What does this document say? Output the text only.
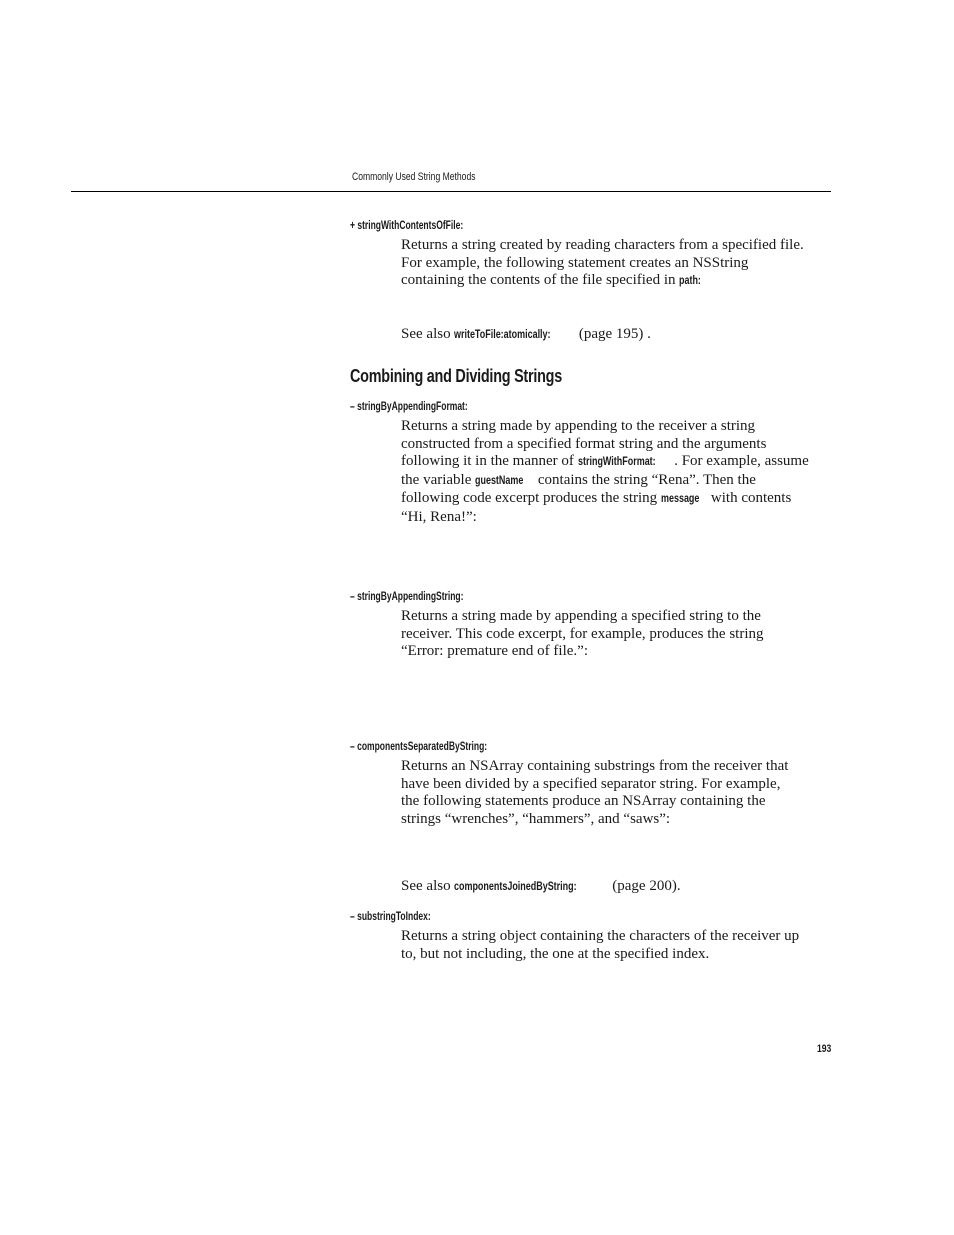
Commonly Used String Methods
+ stringWithContentsOfFile:
Returns a string created by reading characters from a specified file.
For example, the following statement creates an NSString
containing the contents of the file specified in path:
See also writeToFile:atomically: (page 195) .
Combining and Dividing Strings
– stringByAppendingFormat:
Returns a string made by appending to the receiver a string
constructed from a specified format string and the arguments
following it in the manner of stringWithFormat: . For example, assume
the variable guestName contains the string “Rena”. Then the
following code excerpt produces the string message with contents
“Hi, Rena!”:
– stringByAppendingString:
Returns a string made by appending a specified string to the
receiver. This code excerpt, for example, produces the string
“Error: premature end of file.”:
– componentsSeparatedByString:
Returns an NSArray containing substrings from the receiver that
have been divided by a specified separator string. For example,
the following statements produce an NSArray containing the
strings “wrenches”, “hammers”, and “saws”:
See also componentsJoinedByString: (page 200).
– substringToIndex:
Returns a string object containing the characters of the receiver up
to, but not including, the one at the specified index.
193
